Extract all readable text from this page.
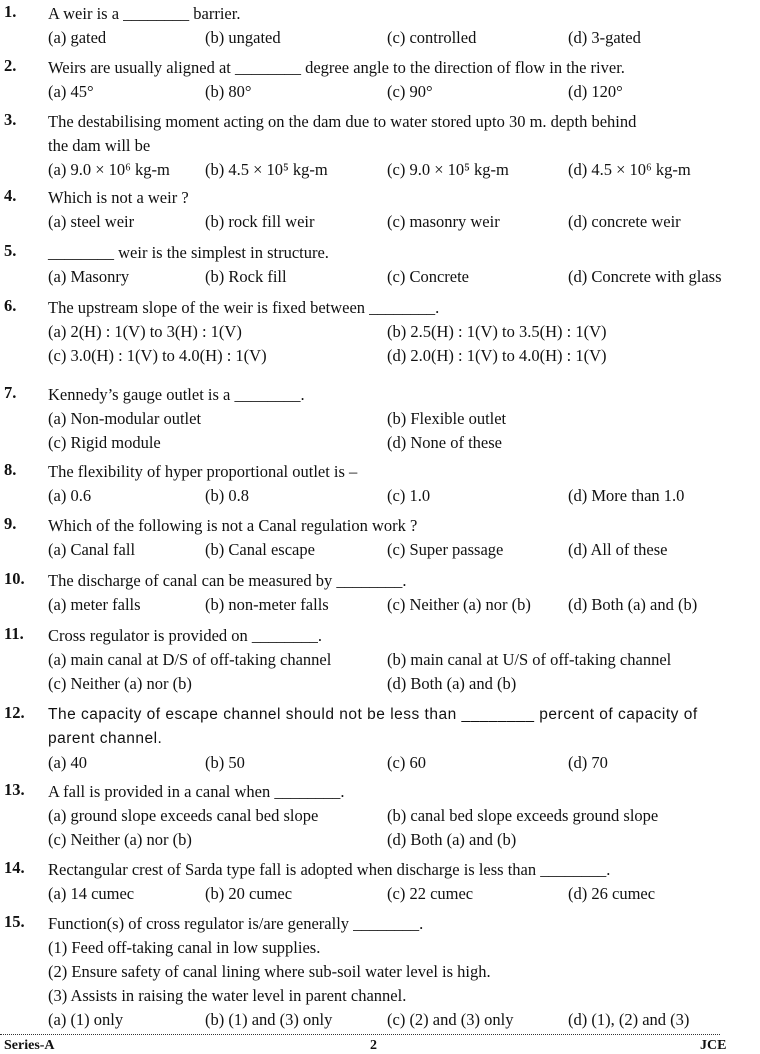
1. A weir is a ________ barrier.
(a) gated	(b) ungated	(c) controlled	(d) 3-gated
2. Weirs are usually aligned at ________ degree angle to the direction of flow in the river.
(a) 45°	(b) 80°	(c) 90°	(d) 120°
3. The destabilising moment acting on the dam due to water stored upto 30 m. depth behind
the dam will be
(a) 9.0 × 10⁶ kg-m (b) 4.5 × 10⁵ kg-m	(c) 9.0 × 10⁵ kg-m	(d) 4.5 × 10⁶ kg-m
4. Which is not a weir ?
(a) steel weir	(b) rock fill weir	(c) masonry weir	(d) concrete weir
5. ________ weir is the simplest in structure.
(a) Masonry	(b) Rock fill	(c) Concrete	(d) Concrete with glass
6. The upstream slope of the weir is fixed between ________.
(a) 2(H) : 1(V) to 3(H) : 1(V)	(b) 2.5(H) : 1(V) to 3.5(H) : 1(V)
(c) 3.0(H) : 1(V) to 4.0(H) : 1(V)	(d) 2.0(H) : 1(V) to 4.0(H) : 1(V)
7. Kennedy’s gauge outlet is a ________.
(a) Non-modular outlet	(b) Flexible outlet
(c) Rigid module	(d) None of these
8. The flexibility of hyper proportional outlet is –
(a) 0.6	(b) 0.8	(c) 1.0	(d) More than 1.0
9. Which of the following is not a Canal regulation work ?
(a) Canal fall	(b) Canal escape	(c) Super passage	(d) All of these
10. The discharge of canal can be measured by ________.
(a) meter falls	(b) non-meter falls	(c) Neither (a) nor (b) (d) Both (a) and (b)
11. Cross regulator is provided on ________.
(a) main canal at D/S of off-taking channel	(b) main canal at U/S of off-taking channel
(c) Neither (a) nor (b)	(d) Both (a) and (b)
12. The capacity of escape channel should not be less than ________ percent of capacity of
parent channel.
(a) 40	(b) 50	(c) 60	(d) 70
13. A fall is provided in a canal when ________.
(a) ground slope exceeds canal bed slope	(b) canal bed slope exceeds ground slope
(c) Neither (a) nor (b)	(d) Both (a) and (b)
14. Rectangular crest of Sarda type fall is adopted when discharge is less than ________.
(a) 14 cumec	(b) 20 cumec	(c) 22 cumec	(d) 26 cumec
15. Function(s) of cross regulator is/are generally ________.
(1) Feed off-taking canal in low supplies.
(2) Ensure safety of canal lining where sub-soil water level is high.
(3) Assists in raising the water level in parent channel.
(a) (1) only	(b) (1) and (3) only	(c) (2) and (3) only	(d) (1), (2) and (3)
Series-A	2	JCE
